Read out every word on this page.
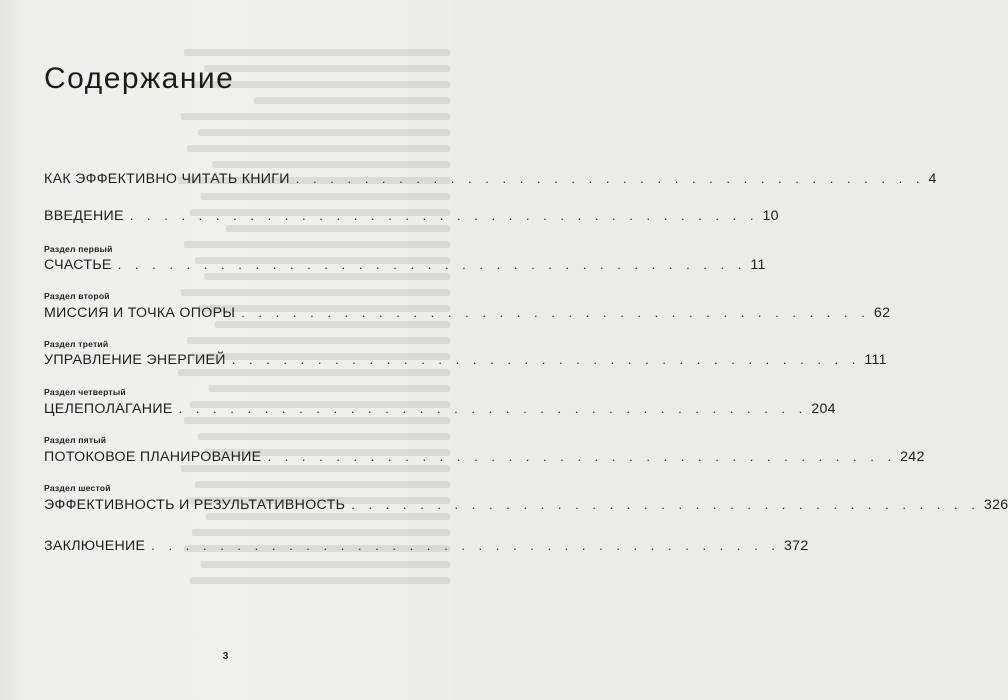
Содержание
КАК ЭФФЕКТИВНО ЧИТАТЬ КНИГИ . . . . . . . . . . . . . . . . . . . . . . . . . . . . . . . . . . . . . 4
ВВЕДЕНИЕ . . . . . . . . . . . . . . . . . . . . . . . . . . . . . . . . . . . . . 10
Раздел первый
СЧАСТЬЕ . . . . . . . . . . . . . . . . . . . . . . . . . . . . . . . . . . . . . 11
Раздел второй
МИССИЯ И ТОЧКА ОПОРЫ . . . . . . . . . . . . . . . . . . . . . . . . . . . . . . . . . . . . . 62
Раздел третий
УПРАВЛЕНИЕ ЭНЕРГИЕЙ . . . . . . . . . . . . . . . . . . . . . . . . . . . . . . . . . . . . . 111
Раздел четвертый
ЦЕЛЕПОЛАГАНИЕ . . . . . . . . . . . . . . . . . . . . . . . . . . . . . . . . . . . . . 204
Раздел пятый
ПОТОКОВОЕ ПЛАНИРОВАНИЕ . . . . . . . . . . . . . . . . . . . . . . . . . . . . . . . . . . . . . 242
Раздел шестой
ЭФФЕКТИВНОСТЬ И РЕЗУЛЬТАТИВНОСТЬ . . . . . . . . . . . . . . . . . . . . . . . . . . . . . . . . . . . . . 326
ЗАКЛЮЧЕНИЕ . . . . . . . . . . . . . . . . . . . . . . . . . . . . . . . . . . . . . 372
3
